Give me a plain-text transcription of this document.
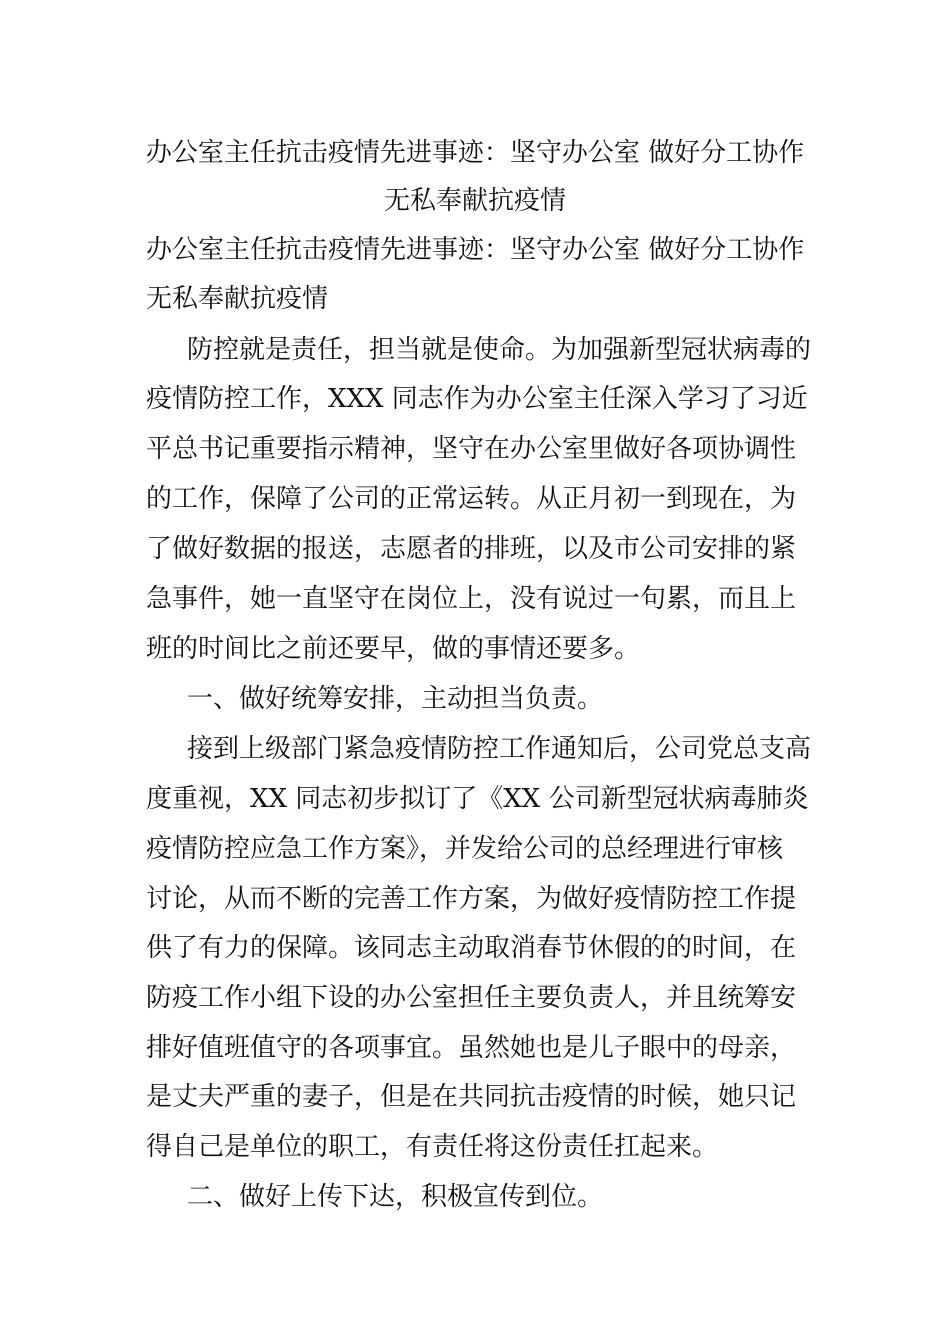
办公室主任抗击疫情先进事迹：坚守办公室 做好分工协作
无私奉献抗疫情
办公室主任抗击疫情先进事迹：坚守办公室 做好分工协作
无私奉献抗疫情
防控就是责任，担当就是使命。为加强新型冠状病毒的
疫情防控工作，XXX 同志作为办公室主任深入学习了习近
平总书记重要指示精神，坚守在办公室里做好各项协调性
的工作，保障了公司的正常运转。从正月初一到现在，为
了做好数据的报送，志愿者的排班，以及市公司安排的紧
急事件，她一直坚守在岗位上，没有说过一句累，而且上
班的时间比之前还要早，做的事情还要多。
一、做好统筹安排，主动担当负责。
接到上级部门紧急疫情防控工作通知后，公司党总支高
度重视，XX 同志初步拟订了《XX 公司新型冠状病毒肺炎
疫情防控应急工作方案》，并发给公司的总经理进行审核
讨论，从而不断的完善工作方案，为做好疫情防控工作提
供了有力的保障。该同志主动取消春节休假的的时间，在
防疫工作小组下设的办公室担任主要负责人，并且统筹安
排好值班值守的各项事宜。虽然她也是儿子眼中的母亲，
是丈夫严重的妻子，但是在共同抗击疫情的时候，她只记
得自己是单位的职工，有责任将这份责任扛起来。
二、做好上传下达，积极宣传到位。
